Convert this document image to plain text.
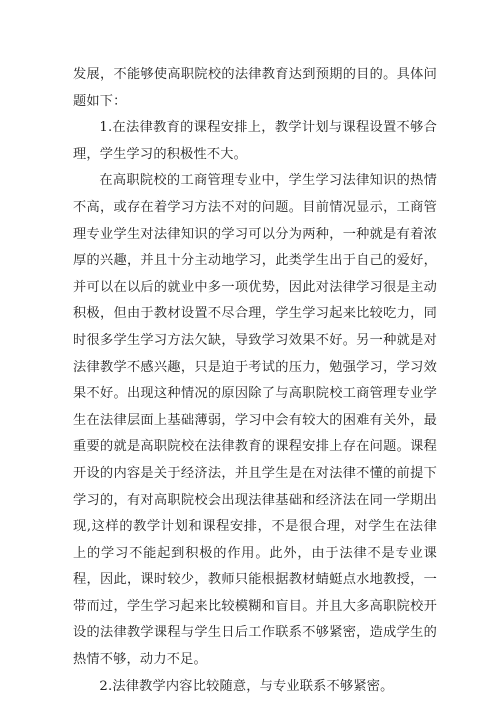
发展，不能够使高职院校的法律教育达到预期的目的。具体问题如下：

1.在法律教育的课程安排上，教学计划与课程设置不够合理，学生学习的积极性不大。

在高职院校的工商管理专业中，学生学习法律知识的热情不高，或存在着学习方法不对的问题。目前情况显示，工商管理专业学生对法律知识的学习可以分为两种，一种就是有着浓厚的兴趣，并且十分主动地学习，此类学生出于自己的爱好，并可以在以后的就业中多一项优势，因此对法律学习很是主动积极，但由于教材设置不尽合理，学生学习起来比较吃力，同时很多学生学习方法欠缺，导致学习效果不好。另一种就是对法律教学不感兴趣，只是迫于考试的压力，勉强学习，学习效果不好。出现这种情况的原因除了与高职院校工商管理专业学生在法律层面上基础薄弱，学习中会有较大的困难有关外，最重要的就是高职院校在法律教育的课程安排上存在问题。课程开设的内容是关于经济法，并且学生是在对法律不懂的前提下学习的，有对高职院校会出现法律基础和经济法在同一学期出现,这样的教学计划和课程安排，不是很合理，对学生在法律上的学习不能起到积极的作用。此外，由于法律不是专业课程，因此，课时较少，教师只能根据教材蜻蜓点水地教授，一带而过，学生学习起来比较模糊和盲目。并且大多高职院校开设的法律教学课程与学生日后工作联系不够紧密，造成学生的热情不够，动力不足。

2.法律教学内容比较随意，与专业联系不够紧密。
